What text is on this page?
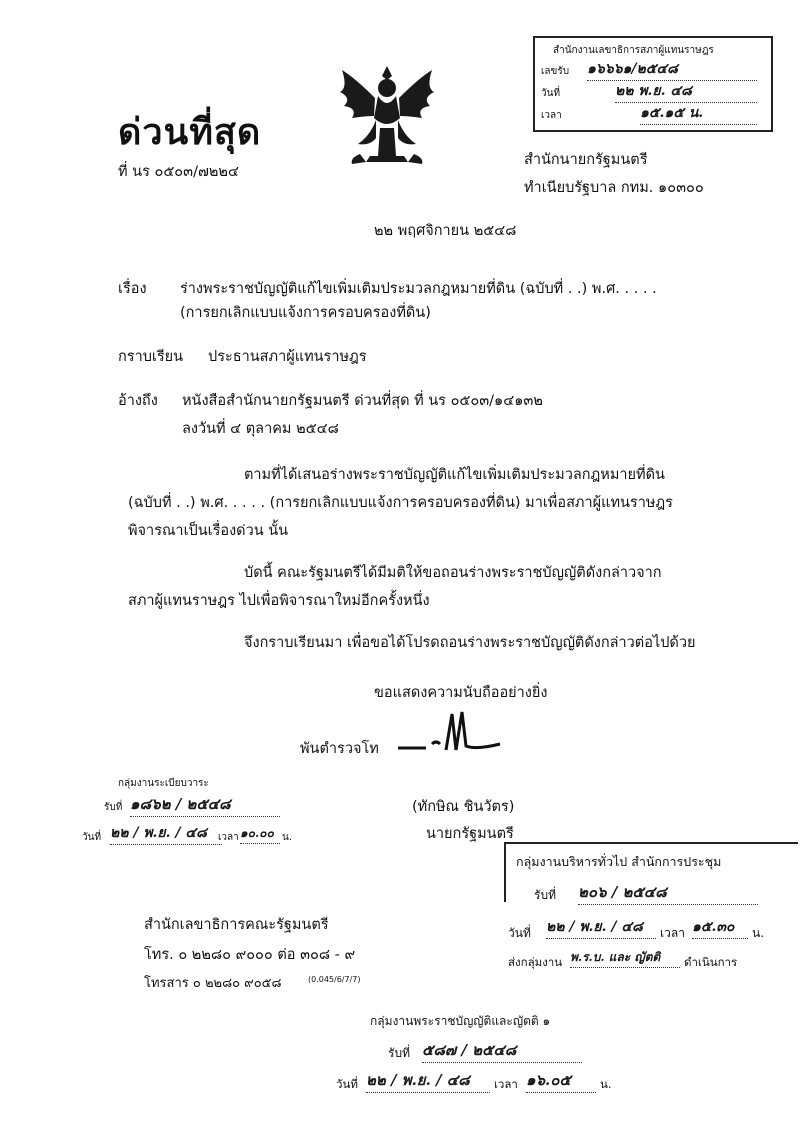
ด่วนที่สุด
ที่ นร ๐๕๐๓/๗๒๒๔
สำนักนายกรัฐมนตรี
ทำเนียบรัฐบาล กทม. ๑๐๓๐๐
สำนักงานเลขาธิการสภาผู้แทนราษฎร
เลขรับ ๑๖๖๖๑/๒๕๔๘
วันที่	๒๒ พ.ย. ๔๘
เวลา	๑๕.๑๕ น.
๒๒ พฤศจิกายน ๒๕๔๘
เรื่อง ร่างพระราชบัญญัติแก้ไขเพิ่มเติมประมวลกฎหมายที่ดิน (ฉบับที่ . .) พ.ศ. . . . .
(การยกเลิกแบบแจ้งการครอบครองที่ดิน)
กราบเรียน ประธานสภาผู้แทนราษฎร
อ้างถึง หนังสือสำนักนายกรัฐมนตรี ด่วนที่สุด ที่ นร ๐๕๐๓/๑๔๑๓๒
ลงวันที่ ๔ ตุลาคม ๒๕๔๘
ตามที่ได้เสนอร่างพระราชบัญญัติแก้ไขเพิ่มเติมประมวลกฎหมายที่ดิน
(ฉบับที่ . .) พ.ศ. . . . . (การยกเลิกแบบแจ้งการครอบครองที่ดิน) มาเพื่อสภาผู้แทนราษฎร
พิจารณาเป็นเรื่องด่วน นั้น
บัดนี้ คณะรัฐมนตรีได้มีมติให้ขอถอนร่างพระราชบัญญัติดังกล่าวจาก
สภาผู้แทนราษฎร ไปเพื่อพิจารณาใหม่อีกครั้งหนึ่ง
จึงกราบเรียนมา เพื่อขอได้โปรดถอนร่างพระราชบัญญัติดังกล่าวต่อไปด้วย
ขอแสดงความนับถืออย่างยิ่ง
พันตำรวจโท
(ทักษิณ ชินวัตร)
นายกรัฐมนตรี
กลุ่มงานระเบียบวาระ
รับที่ ๑๘๖๒ / ๒๕๔๘
วันที่ ๒๒ / พ.ย. / ๔๘	เวลา ๑๐.๐๐ น.
กลุ่มงานบริหารทั่วไป สำนักการประชุม
รับที่ ๒๐๖ / ๒๕๔๘
วันที่ ๒๒ / พ.ย. / ๔๘	เวลา ๑๕.๓๐	น.
ส่งกลุ่มงาน พ.ร.บ. และ ญัตติ	ดำเนินการ
สำนักเลขาธิการคณะรัฐมนตรี
โทร. ๐ ๒๒๘๐ ๙๐๐๐ ต่อ ๓๐๘ - ๙
โทรสาร ๐ ๒๒๘๐ ๙๐๕๘	(0.045/6/7/7)
กลุ่มงานพระราชบัญญัติและญัตติ ๑
รับที่ ๕๘๗ / ๒๕๔๘
วันที่ ๒๒ / พ.ย. / ๔๘	เวลา ๑๖.๐๕	น.
